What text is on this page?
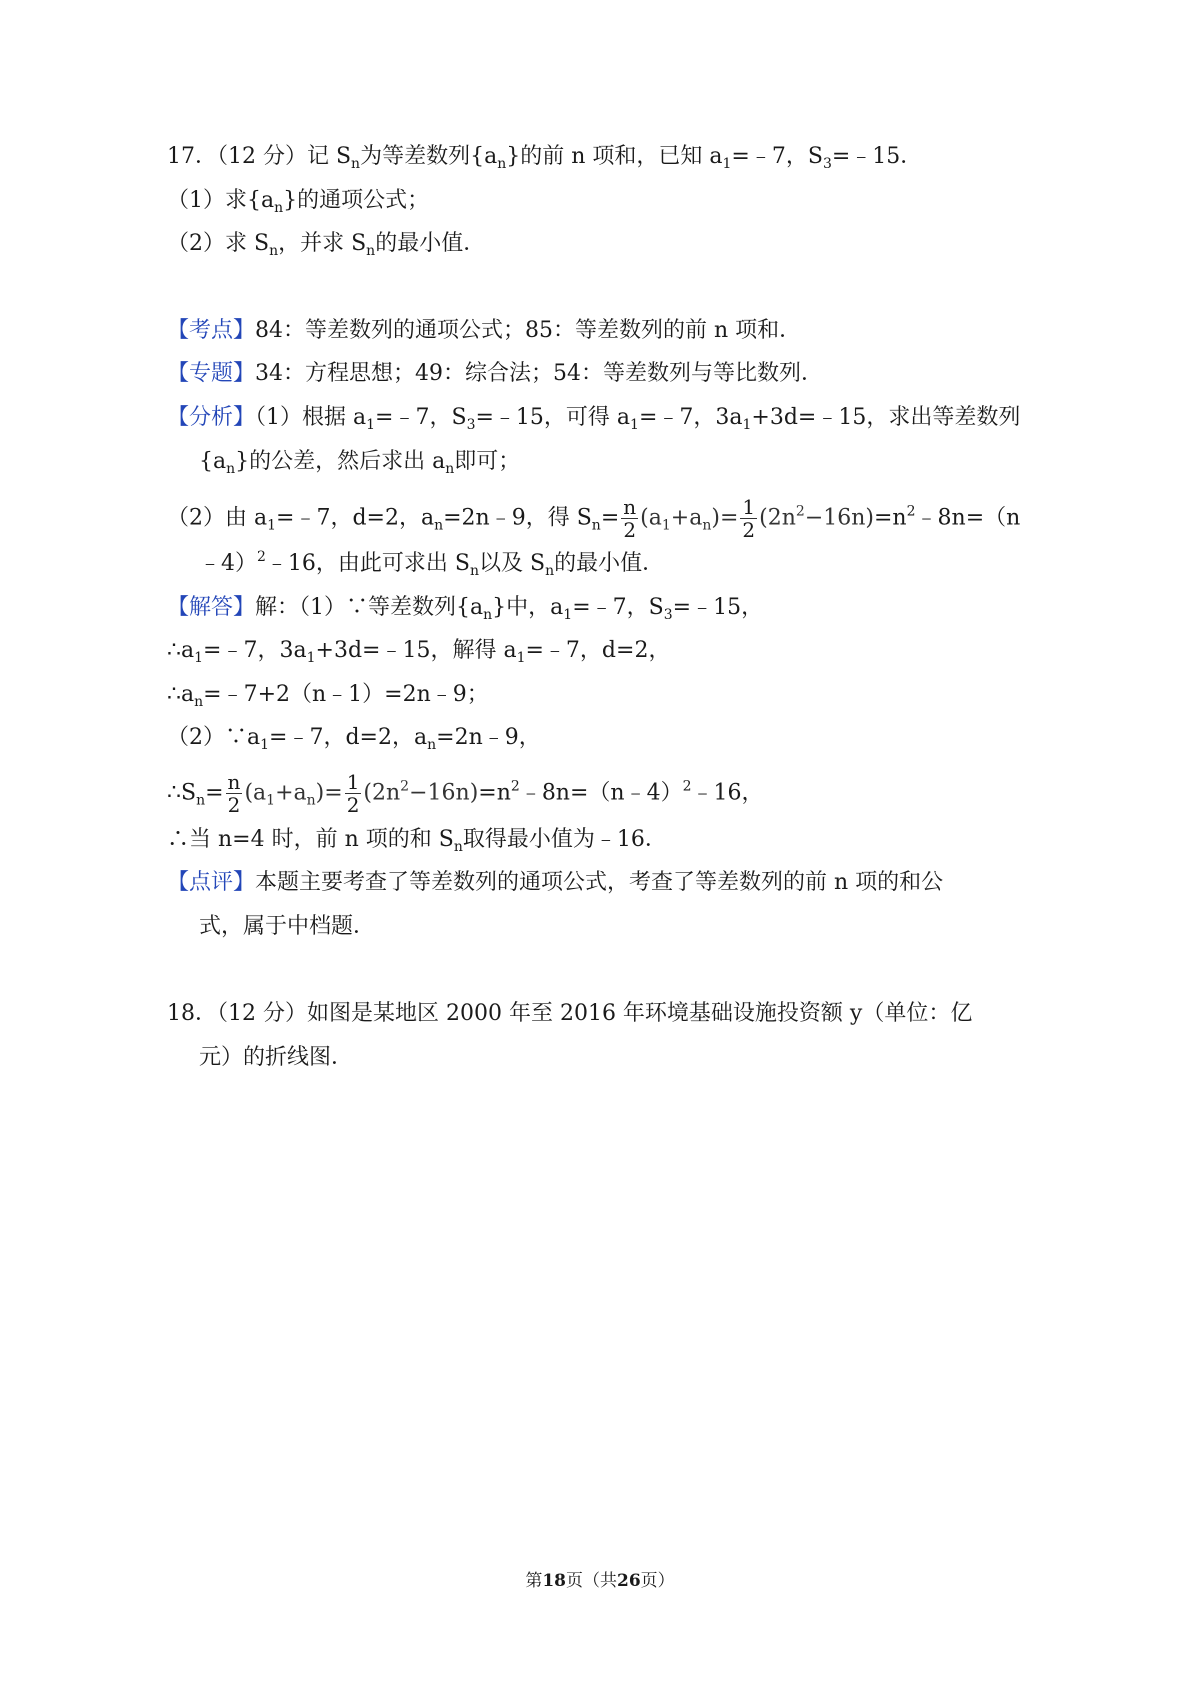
17．（12 分）记 $S_n$为等差数列$\{a_n\}$的前 n 项和，已知 $a_1=﹣7$，$S_3=﹣15$．
（1）求$\{a_n\}$的通项公式；
（2）求 $S_n$，并求 $S_n$的最小值．
【考点】84：等差数列的通项公式；85：等差数列的前 n 项和．
【专题】34：方程思想；49：综合法；54：等差数列与等比数列．
【分析】（1）根据 $a_1=﹣7$，$S_3=﹣15$，可得 $a_1=﹣7$，$3a_1+3d=﹣15$，求出等差数列
$\{a_n\}$的公差，然后求出 $a_n$即可；
（2）由 $a_1=﹣7$，d=2，$a_n=2n﹣9$，得 $S_n= \frac{n}{2} (a_1+a_n)= \frac{1}{2}$ $(2n^2-16n)=n^2﹣8n=(n$
﹣4）$^2$﹣16，由此可求出 $S_n$以及 $S_n$的最小值．
【解答】解：（1）∵等差数列$\{a_n\}$中，$a_1=﹣7$，$S_3=﹣15$，
$\therefore a_1=﹣7$，$3a_1+3d=﹣15$，解得 $a_1=﹣7$，d=2，
$\therefore a_n=﹣7+2(n﹣1)=2n﹣9$；
$(2)\because a_1=﹣7$，d=2，$a_n=2n﹣9$，
$\therefore S_n= \frac{n}{2} (a_1+a_n)= \frac{1}{2}$ $(2n^2-16n)=n^2﹣8n=(n﹣4)^2﹣16$，
∴当 n=4 时，前 n 项的和 $S_n$取得最小值为﹣16．
【点评】本题主要考查了等差数列的通项公式，考查了等差数列的前 n 项的和公
式，属于中档题．
18．（12 分）如图是某地区 2000 年至 2016 年环境基础设施投资额 y（单位：亿
元）的折线图．
第18页（共26页）
